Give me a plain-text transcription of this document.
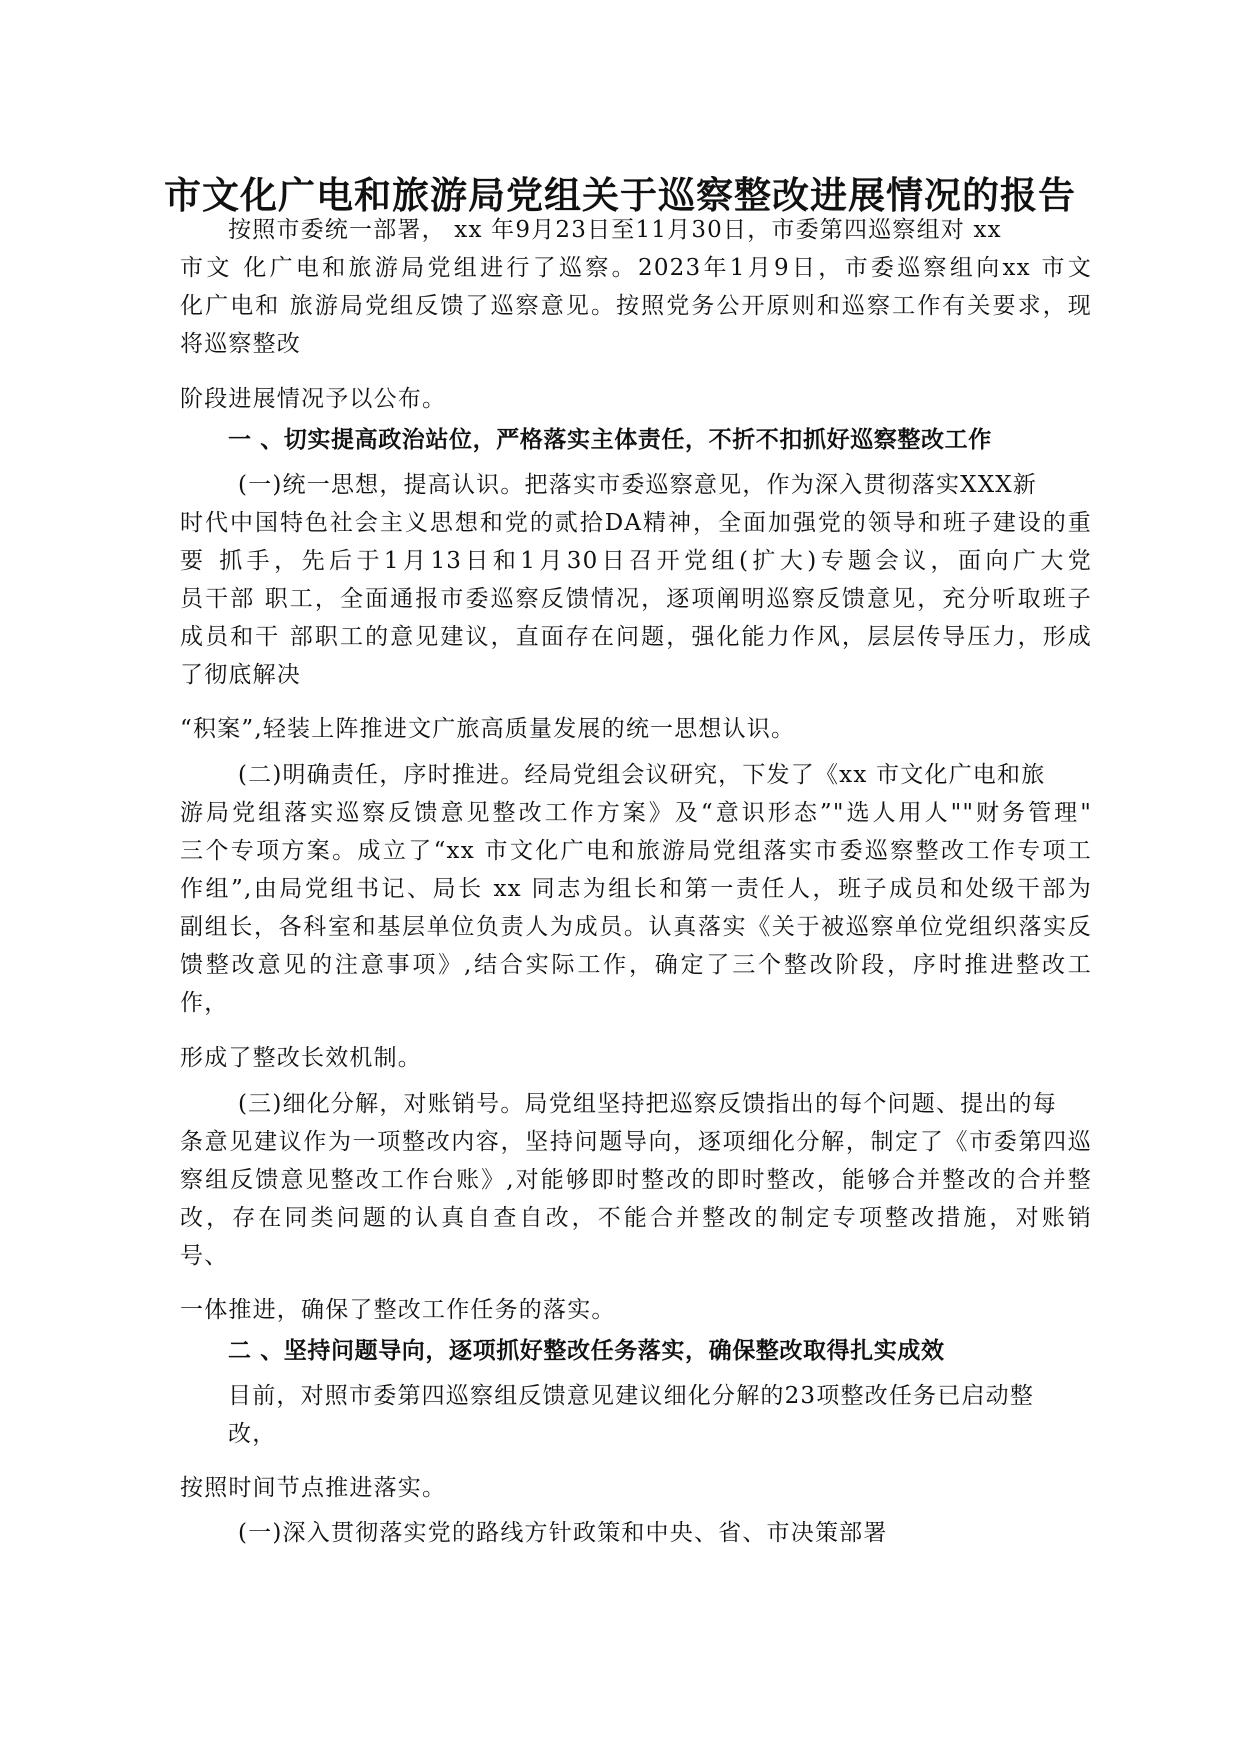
市文化广电和旅游局党组关于巡察整改进展情况的报告
按照市委统一部署， xx 年9月23日至11月30日，市委第四巡察组对 xx
市文 化广电和旅游局党组进行了巡察。2023年1月9日，市委巡察组向xx 市文
化广电和 旅游局党组反馈了巡察意见。按照党务公开原则和巡察工作有关要求，现
将巡察整改
阶段进展情况予以公布。
一 、切实提高政治站位，严格落实主体责任，不折不扣抓好巡察整改工作
(一)统一思想，提高认识。把落实市委巡察意见，作为深入贯彻落实XXX新
时代中国特色社会主义思想和党的贰拾DA精神，全面加强党的领导和班子建设的重
要 抓手，先后于1月13日和1月30日召开党组(扩大)专题会议，面向广大党
员干部 职工，全面通报市委巡察反馈情况，逐项阐明巡察反馈意见，充分听取班子
成员和干 部职工的意见建议，直面存在问题，强化能力作风，层层传导压力，形成
了彻底解决
“积案”,轻装上阵推进文广旅高质量发展的统一思想认识。
(二)明确责任，序时推进。经局党组会议研究，下发了《xx 市文化广电和旅
游局党组落实巡察反馈意见整改工作方案》及“意识形态”"选人用人""财务管理"
三个专项方案。成立了“xx 市文化广电和旅游局党组落实市委巡察整改工作专项工
作组”,由局党组书记、局长 xx 同志为组长和第一责任人，班子成员和处级干部为
副组长，各科室和基层单位负责人为成员。认真落实《关于被巡察单位党组织落实反
馈整改意见的注意事项》,结合实际工作，确定了三个整改阶段，序时推进整改工
作，
形成了整改长效机制。
(三)细化分解，对账销号。局党组坚持把巡察反馈指出的每个问题、提出的每
条意见建议作为一项整改内容，坚持问题导向，逐项细化分解，制定了《市委第四巡
察组反馈意见整改工作台账》,对能够即时整改的即时整改，能够合并整改的合并整
改，存在同类问题的认真自查自改，不能合并整改的制定专项整改措施，对账销
号、
一体推进，确保了整改工作任务的落实。
二 、坚持问题导向，逐项抓好整改任务落实，确保整改取得扎实成效
目前，对照市委第四巡察组反馈意见建议细化分解的23项整改任务已启动整
改，
按照时间节点推进落实。
(一)深入贯彻落实党的路线方针政策和中央、省、市决策部署
